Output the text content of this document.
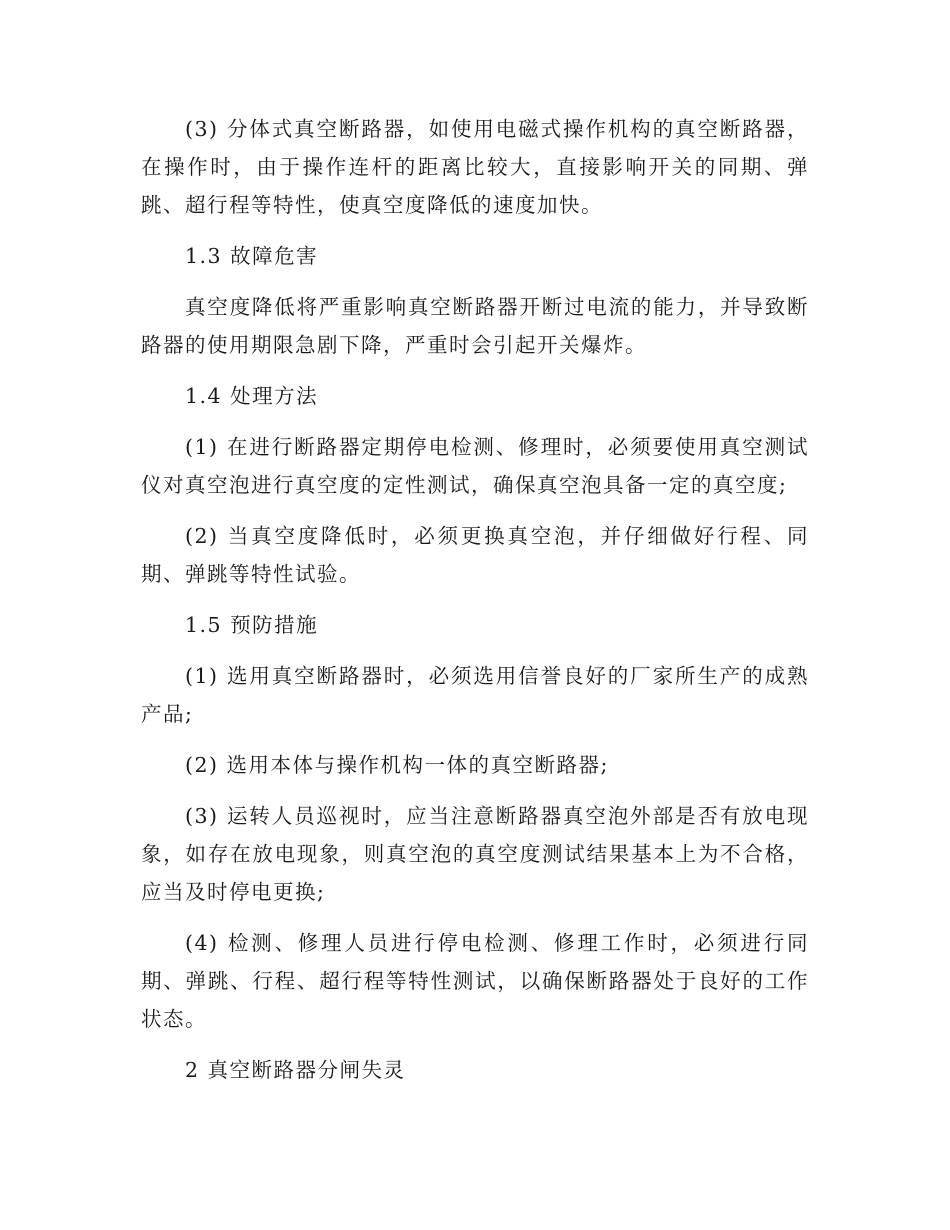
(3) 分体式真空断路器，如使用电磁式操作机构的真空断路器，在操作时，由于操作连杆的距离比较大，直接影响开关的同期、弹跳、超行程等特性，使真空度降低的速度加快。

1.3 故障危害

真空度降低将严重影响真空断路器开断过电流的能力，并导致断路器的使用期限急剧下降，严重时会引起开关爆炸。

1.4 处理方法

(1) 在进行断路器定期停电检测、修理时，必须要使用真空测试仪对真空泡进行真空度的定性测试，确保真空泡具备一定的真空度;

(2) 当真空度降低时，必须更换真空泡，并仔细做好行程、同期、弹跳等特性试验。

1.5 预防措施

(1) 选用真空断路器时，必须选用信誉良好的厂家所生产的成熟产品;

(2) 选用本体与操作机构一体的真空断路器;

(3) 运转人员巡视时，应当注意断路器真空泡外部是否有放电现象，如存在放电现象，则真空泡的真空度测试结果基本上为不合格，应当及时停电更换;

(4) 检测、修理人员进行停电检测、修理工作时，必须进行同期、弹跳、行程、超行程等特性测试，以确保断路器处于良好的工作状态。

2 真空断路器分闸失灵
